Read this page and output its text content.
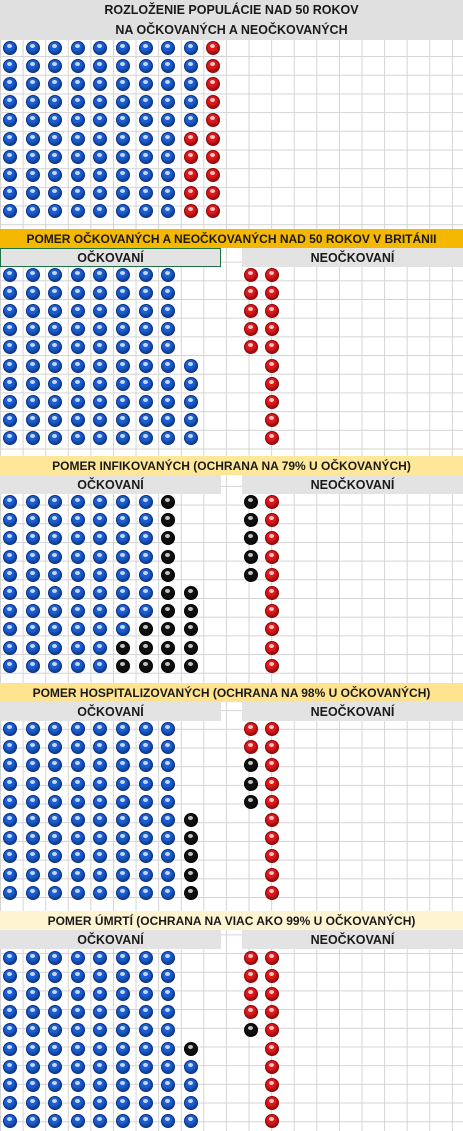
ROZLOŽENIE POPULÁCIE NAD 50 ROKOV
NA OČKOVANÝCH A NEOČKOVANÝCH
POMER OČKOVANÝCH A NEOČKOVANÝCH NAD 50 ROKOV V BRITÁNII
POMER INFIKOVANÝCH (OCHRANA NA 79% U OČKOVANÝCH)
POMER HOSPITALIZOVANÝCH (OCHRANA NA 98% U OČKOVANÝCH)
POMER ÚMRTÍ (OCHRANA NA VIAC AKO 99% U OČKOVANÝCH)
OČKOVANÍ	NEOČKOVANÍ
OČKOVANÍ	NEOČKOVANÍ
OČKOVANÍ	NEOČKOVANÍ
OČKOVANÍ	NEOČKOVANÍ
